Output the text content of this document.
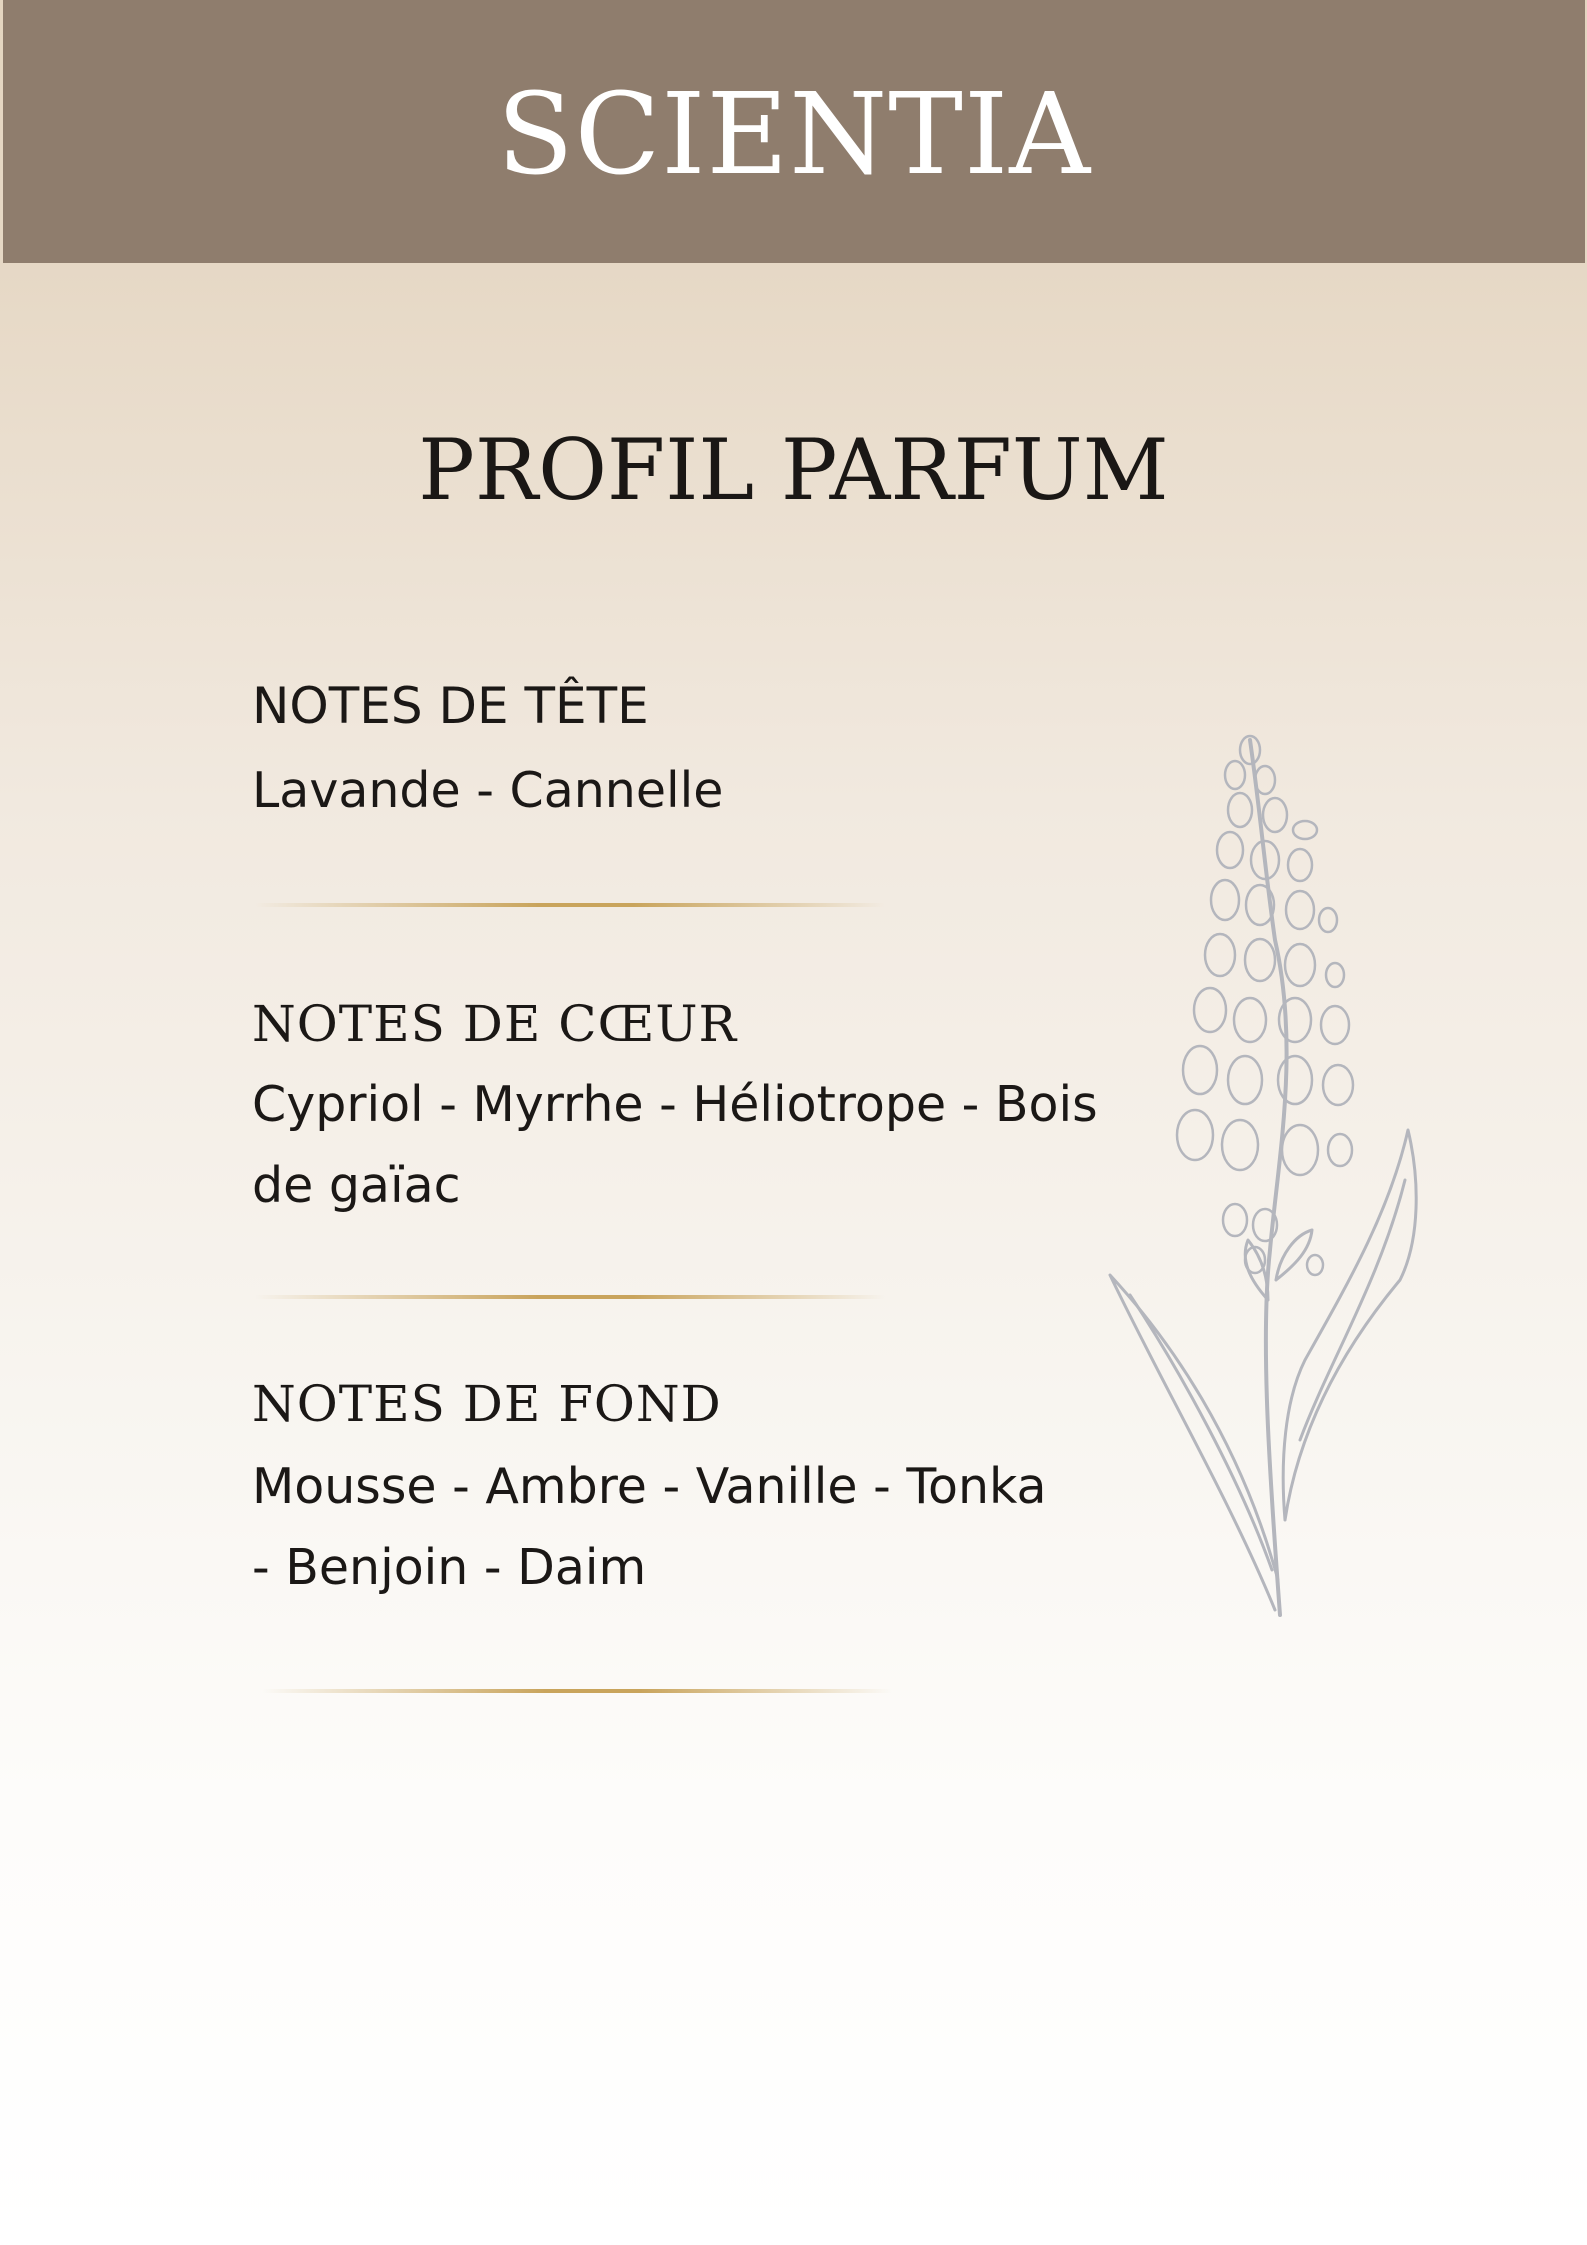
SCIENTIA
PROFIL PARFUM
NOTES DE TÊTE

Lavande - Cannelle

NOTES DE CŒUR

Cypriol - Myrrhe - Héliotrope - Bois de gaïac

NOTES DE FOND

Mousse - Ambre - Vanille - Tonka - Benjoin - Daim
